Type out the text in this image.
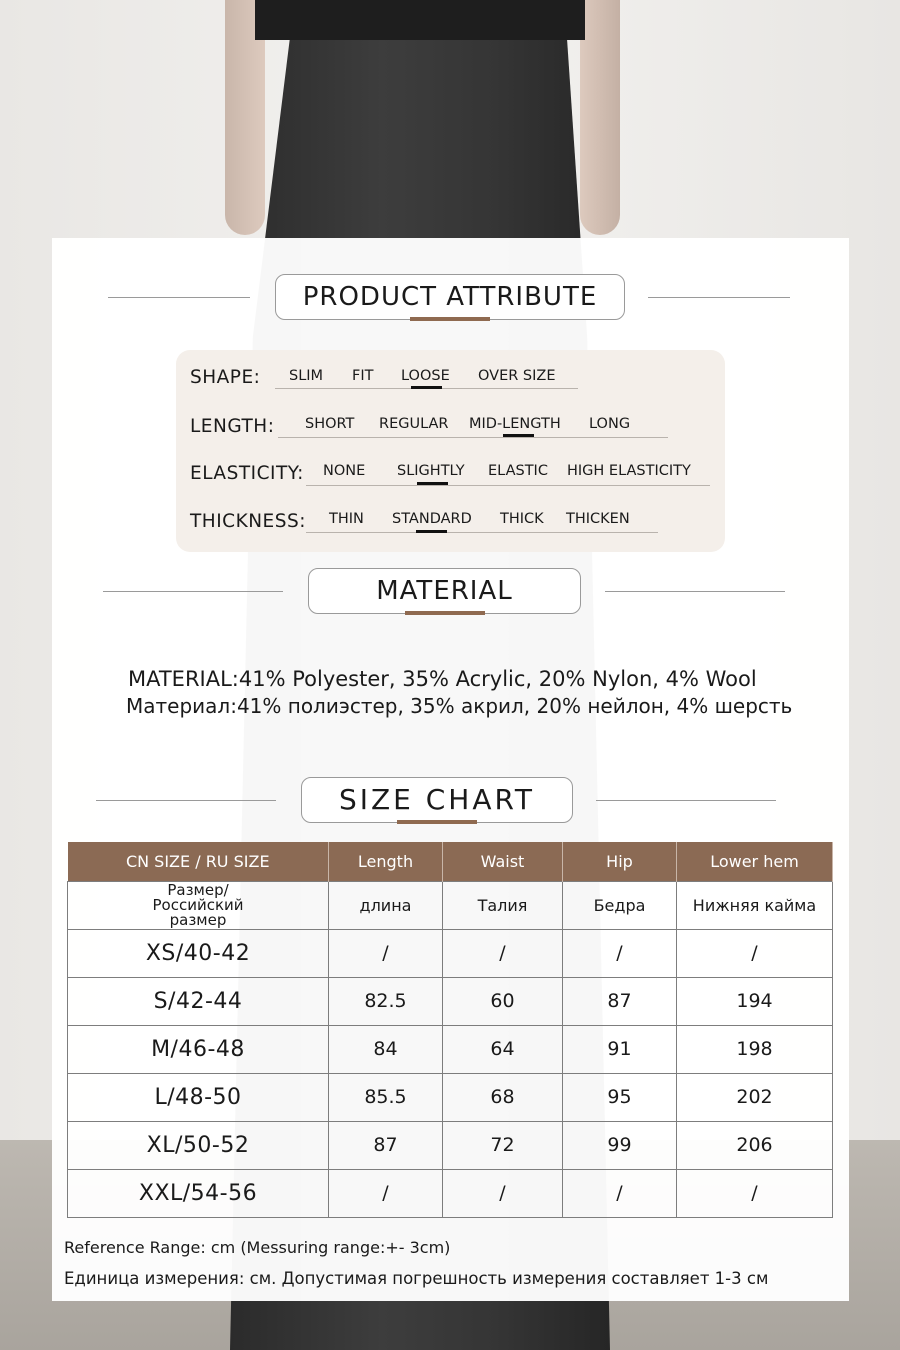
PRODUCT ATTRIBUTE
SHAPE: SLIM FIT LOOSE OVER SIZE
LENGTH: SHORT REGULAR MID-LENGTH LONG
ELASTICITY: NONE SLIGHTLY ELASTIC HIGH ELASTICITY
THICKNESS: THIN STANDARD THICK THICKEN
MATERIAL
MATERIAL:41% Polyester, 35% Acrylic, 20% Nylon, 4% Wool
Материал:41% полиэстер, 35% акрил, 20% нейлон, 4% шерсть
SIZE CHART
CN SIZE / RU SIZE	Length	Waist	Hip	Lower hem
Размер/Российский размер	длина	Талия	Бедра	Нижняя кайма
XS/40-42	/	/	/	/
S/42-44	82.5	60	87	194
M/46-48	84	64	91	198
L/48-50	85.5	68	95	202
XL/50-52	87	72	99	206
XXL/54-56	/	/	/	/
Reference Range: cm (Messuring range:+- 3cm)
Единица измерения: см. Допустимая погрешность измерения составляет 1-3 см
